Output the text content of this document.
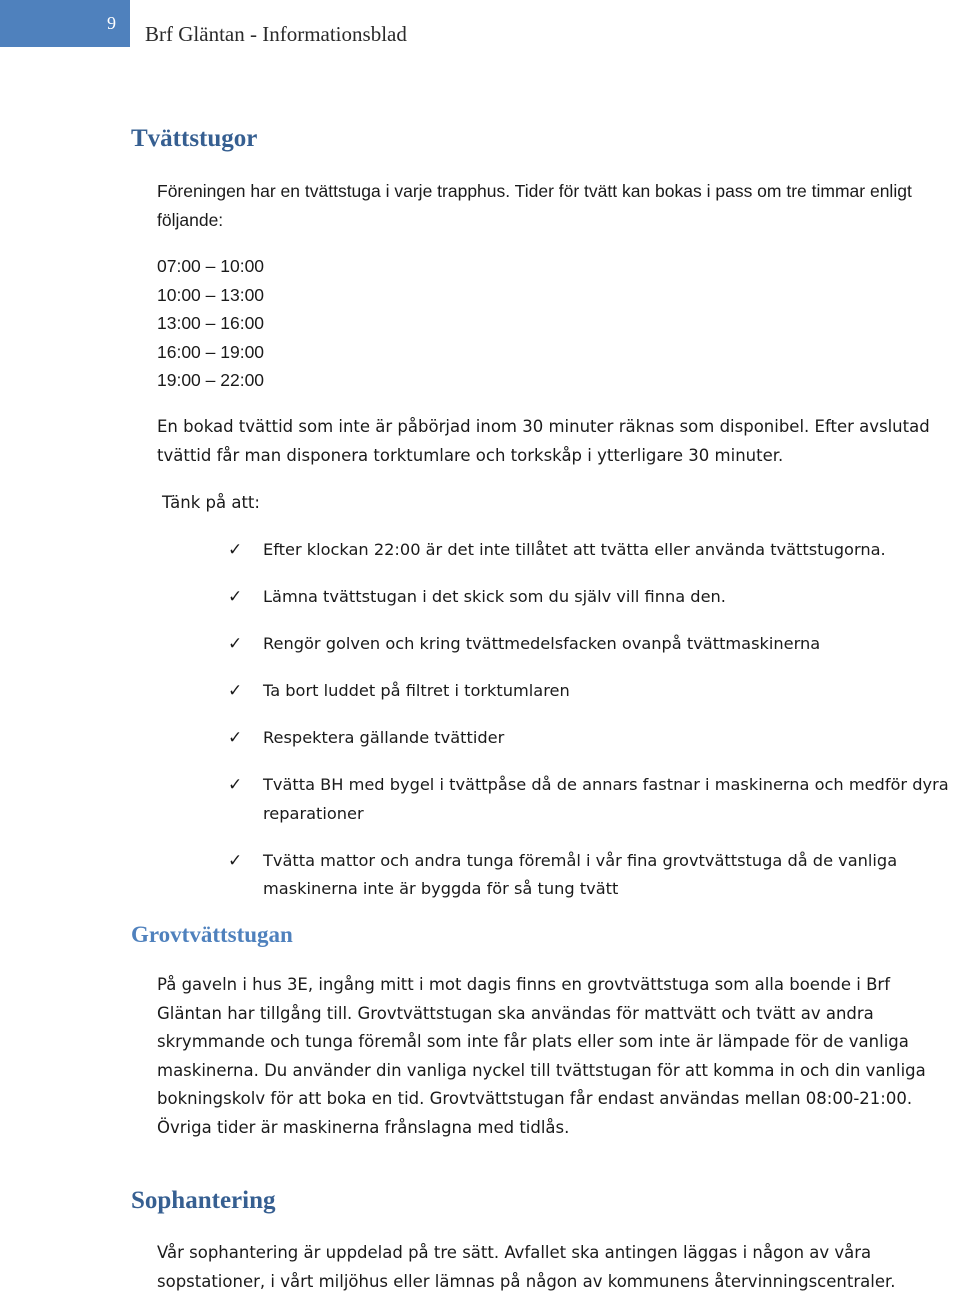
9 Brf Gläntan - Informationsblad
Tvättstugor
Föreningen har en tvättstuga i varje trapphus. Tider för tvätt kan bokas i pass om tre timmar enligt följande:
07:00 – 10:00
10:00 – 13:00
13:00 – 16:00
16:00 – 19:00
19:00 – 22:00
En bokad tvättid som inte är påbörjad inom 30 minuter räknas som disponibel. Efter avslutad tvättid får man disponera torktumlare och torkskåp i ytterligare 30 minuter.
Tänk på att:
✓	Efter klockan 22:00 är det inte tillåtet att tvätta eller använda tvättstugorna.
✓	Lämna tvättstugan i det skick som du själv vill finna den.
✓	Rengör golven och kring tvättmedelsfacken ovanpå tvättmaskinerna
✓	Ta bort luddet på filtret i torktumlaren
✓	Respektera gällande tvättider
✓	Tvätta BH med bygel i tvättpåse då de annars fastnar i maskinerna och medför dyra reparationer
✓	Tvätta mattor och andra tunga föremål i vår fina grovtvättstuga då de vanliga maskinerna inte är byggda för så tung tvätt
Grovtvättstugan
På gaveln i hus 3E, ingång mitt i mot dagis finns en grovtvättstuga som alla boende i Brf Gläntan har tillgång till. Grovtvättstugan ska användas för mattvätt och tvätt av andra skrymmande och tunga föremål som inte får plats eller som inte är lämpade för de vanliga maskinerna. Du använder din vanliga nyckel till tvättstugan för att komma in och din vanliga bokningskolv för att boka en tid. Grovtvättstugan får endast användas mellan 08:00-21:00. Övriga tider är maskinerna frånslagna med tidlås.
Sophantering
Vår sophantering är uppdelad på tre sätt. Avfallet ska antingen läggas i någon av våra sopstationer, i vårt miljöhus eller lämnas på någon av kommunens återvinningscentraler.
